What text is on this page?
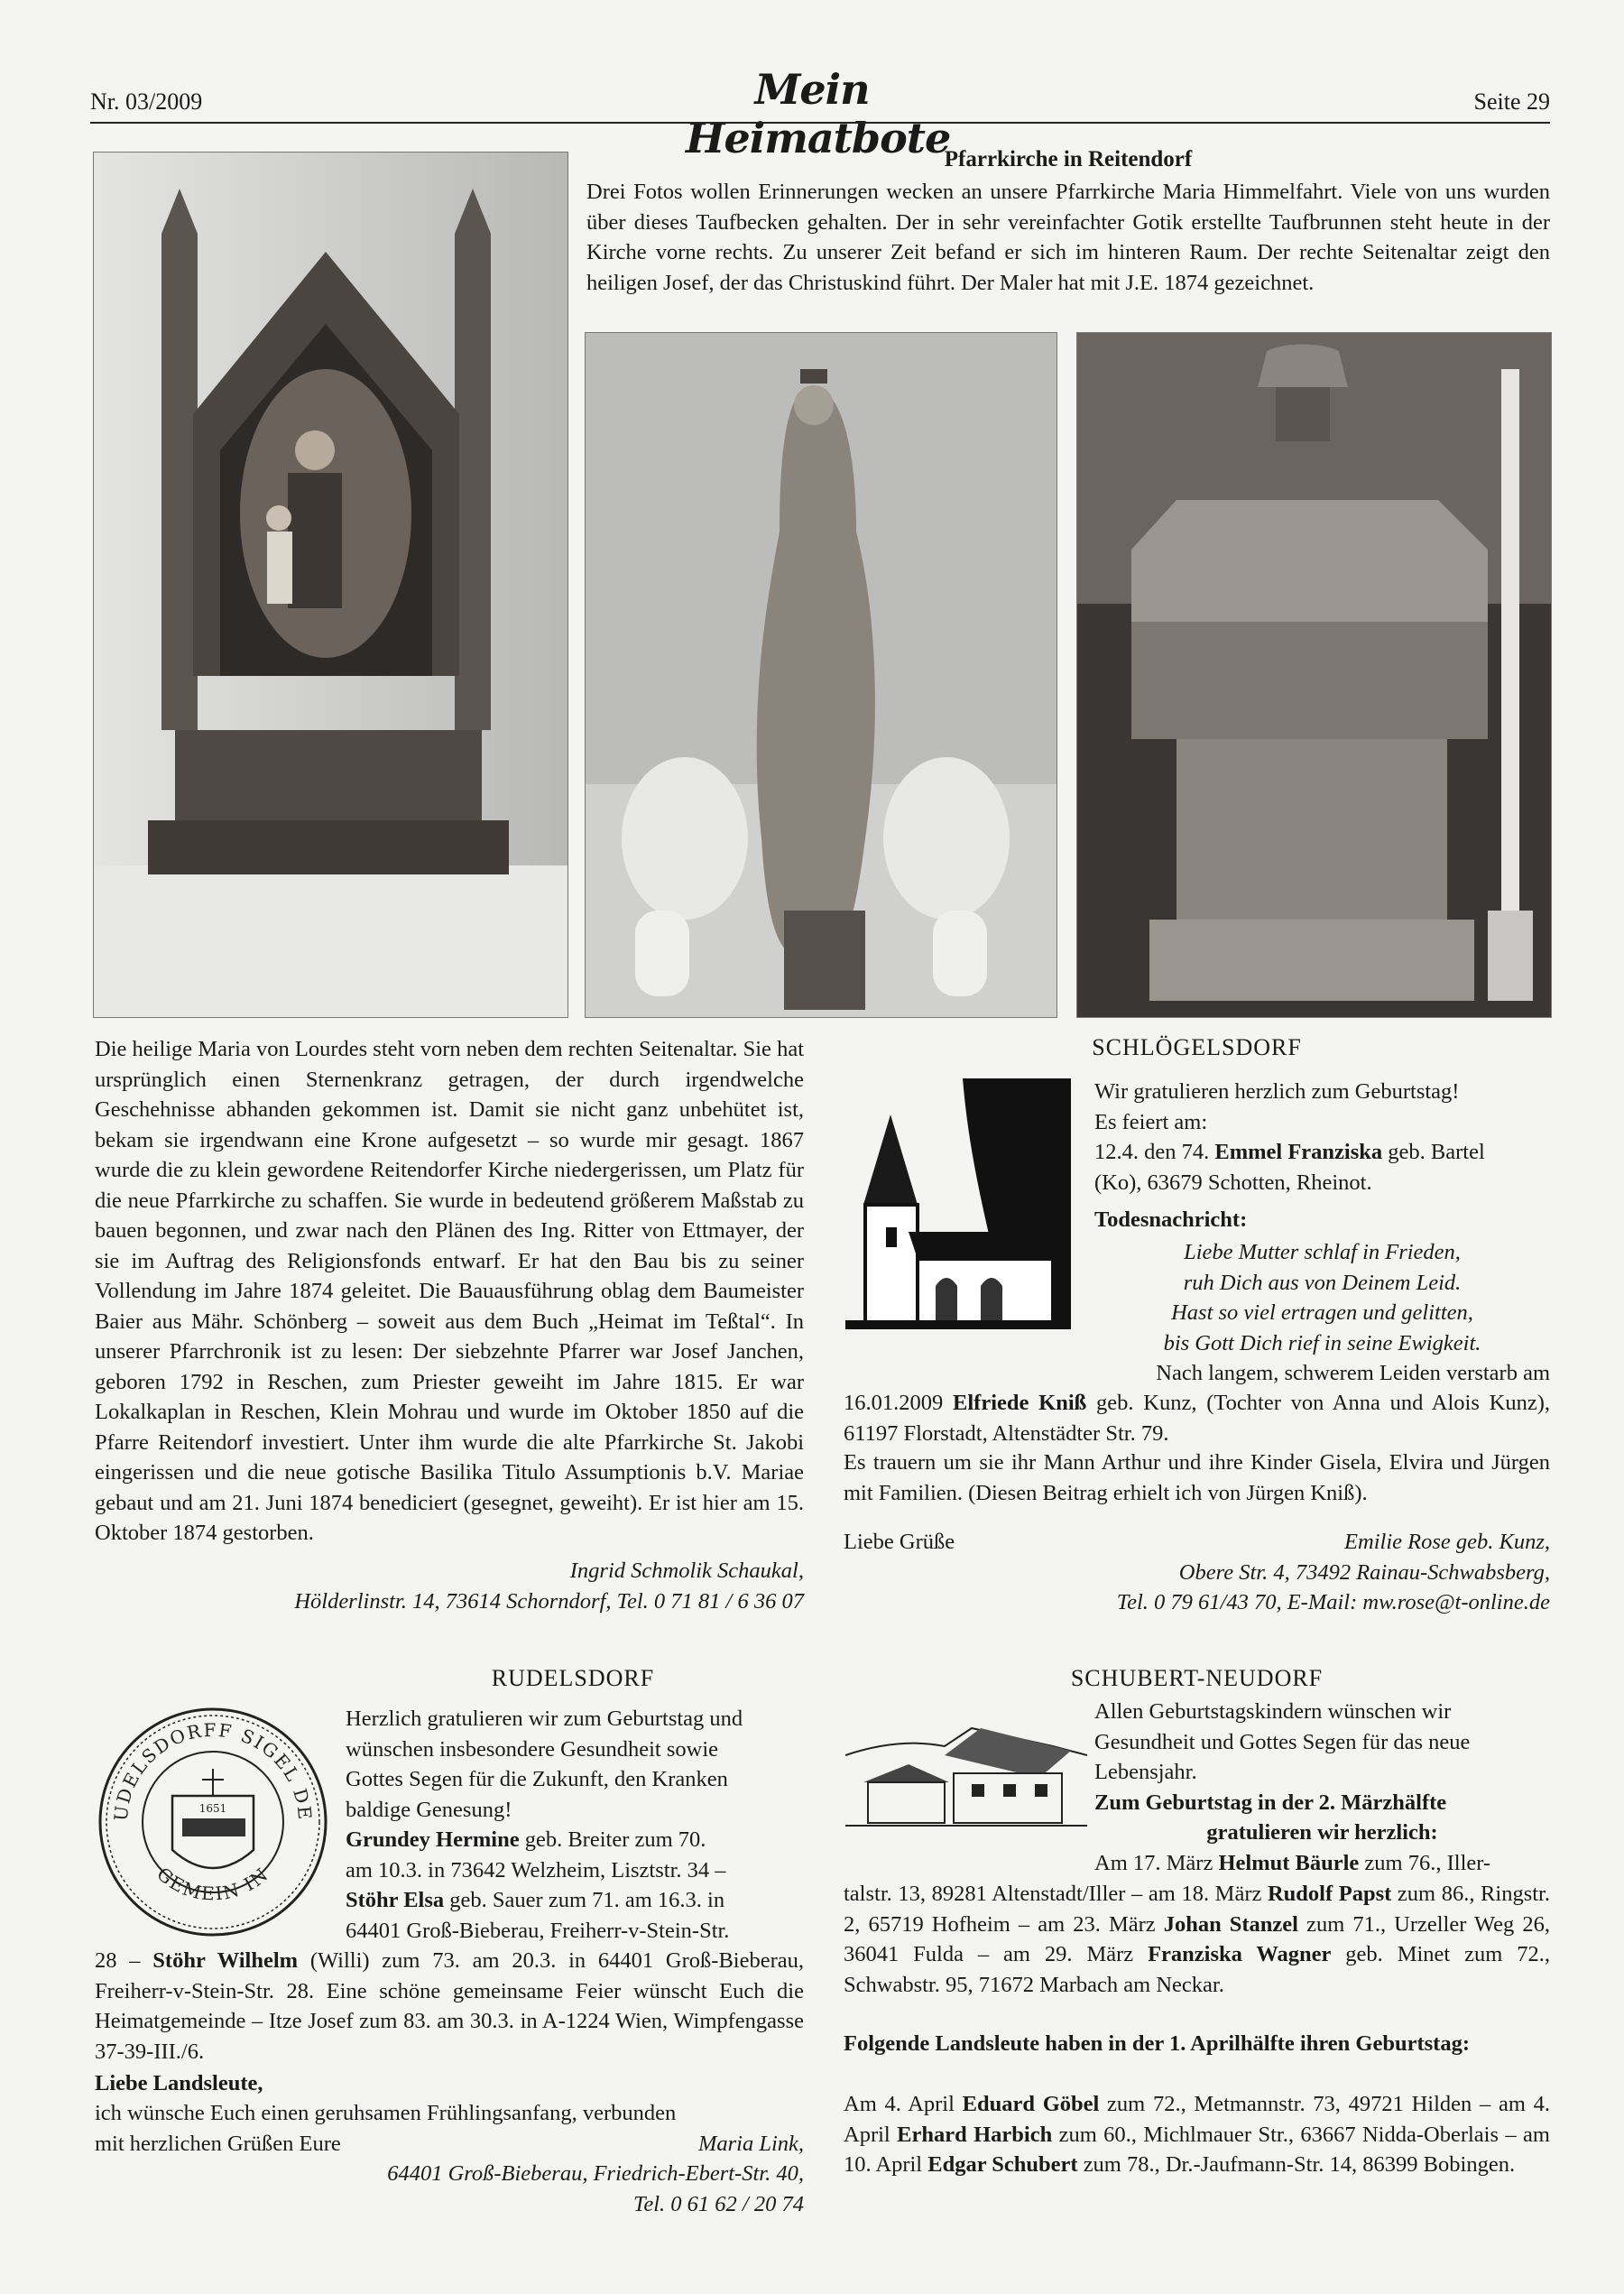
Nr. 03/2009	Mein Heimatbote
Seite 29
Pfarrkirche in Reitendorf
Drei Fotos wollen Erinnerungen wecken an unsere Pfarrkirche Maria Himmelfahrt. Viele von uns wurden über dieses Taufbecken gehalten. Der in sehr vereinfachter Gotik erstellte Taufbrunnen steht heute in der Kirche vorne rechts. Zu unserer Zeit befand er sich im hinteren Raum. Der rechte Seitenaltar zeigt den heiligen Josef, der das Christuskind führt. Der Maler hat mit J.E. 1874 gezeichnet.
Die heilige Maria von Lourdes steht vorn neben dem rechten Seitenaltar. Sie hat ursprünglich einen Sternenkranz getragen, der durch irgendwelche Geschehnisse abhanden gekommen ist. Damit sie nicht ganz unbehütet ist, bekam sie irgendwann eine Krone aufgesetzt – so wurde mir gesagt. 1867 wurde die zu klein gewordene Reitendorfer Kirche niedergerissen, um Platz für die neue Pfarrkirche zu schaffen. Sie wurde in bedeutend größerem Maßstab zu bauen begonnen, und zwar nach den Plänen des Ing. Ritter von Ettmayer, der sie im Auftrag des Religionsfonds entwarf. Er hat den Bau bis zu seiner Vollendung im Jahre 1874 geleitet. Die Bauausführung oblag dem Baumeister Baier aus Mähr. Schönberg – soweit aus dem Buch „Heimat im Teßtal“. In unserer Pfarrchronik ist zu lesen: Der siebzehnte Pfarrer war Josef Janchen, geboren 1792 in Reschen, zum Priester geweiht im Jahre 1815. Er war Lokalkaplan in Reschen, Klein Mohrau und wurde im Oktober 1850 auf die Pfarre Reitendorf investiert. Unter ihm wurde die alte Pfarrkirche St. Jakobi eingerissen und die neue gotische Basilika Titulo Assumptionis b.V. Mariae gebaut und am 21. Juni 1874 benediciert (gesegnet, geweiht). Er ist hier am 15. Oktober 1874 gestorben.
Ingrid Schmolik Schaukal,
Hölderlinstr. 14, 73614 Schorndorf, Tel. 0 71 81 / 6 36 07
SCHLÖGELSDORF
Wir gratulieren herzlich zum Geburtstag!
Es feiert am:
12.4. den 74. Emmel Franziska geb. Bartel
(Ko), 63679 Schotten, Rheinot.
Todesnachricht:
Liebe Mutter schlaf in Frieden,
ruh Dich aus von Deinem Leid.
Hast so viel ertragen und gelitten,
bis Gott Dich rief in seine Ewigkeit.
Nach langem, schwerem Leiden verstarb am
16.01.2009 Elfriede Knіß geb. Kunz, (Tochter von Anna und Alois Kunz), 61197 Florstadt, Altenstädter Str. 79.
Es trauern um sie ihr Mann Arthur und ihre Kinder Gisela, Elvira und Jürgen mit Familien. (Diesen Beitrag erhielt ich von Jürgen Knіß).
Liebe Grüße	Emilie Rose geb. Kunz,
Obere Str. 4, 73492 Rainau-Schwabsberg,
Tel. 0 79 61/43 70, E-Mail: mw.rose@t-online.de
RUDELSDORF
UDELSDORFF SIGEL DE
GEMEIN IN
1651
Herzlich gratulieren wir zum Geburtstag und
wünschen insbesondere Gesundheit sowie
Gottes Segen für die Zukunft, den Kranken
baldige Genesung!
Grundey Hermine geb. Breiter zum 70.
am 10.3. in 73642 Welzheim, Lisztstr. 34 –
Stöhr Elsa geb. Sauer zum 71. am 16.3. in
64401 Groß-Bieberau, Freiherr-v-Stein-Str.
28 – Stöhr Wilhelm (Willi) zum 73. am 20.3. in 64401 Groß-Bieberau, Freiherr-v-Stein-Str. 28. Eine schöne gemeinsame Feier wünscht Euch die Heimatgemeinde – Itze Josef zum 83. am 30.3. in A-1224 Wien, Wimpfengasse 37-39-III./6.
Liebe Landsleute,
ich wünsche Euch einen geruhsamen Frühlingsanfang, verbunden
mit herzlichen Grüßen Eure	Maria Link,
64401 Groß-Bieberau, Friedrich-Ebert-Str. 40,
Tel. 0 61 62 / 20 74
SCHUBERT-NEUDORF
Allen Geburtstagskindern wünschen wir
Gesundheit und Gottes Segen für das neue
Lebensjahr.
Zum Geburtstag in der 2. Märzhälfte
gratulieren wir herzlich:
Am 17. März Helmut Bäurle zum 76., Iller-
talstr. 13, 89281 Altenstadt/Iller – am 18. März Rudolf Papst zum 86., Ringstr. 2, 65719 Hofheim – am 23. März Johan Stanzel zum 71., Urzeller Weg 26, 36041 Fulda – am 29. März Franziska Wagner geb. Minet zum 72., Schwabstr. 95, 71672 Marbach am Neckar.
Folgende Landsleute haben in der 1. Aprilhälfte ihren Geburtstag:
Am 4. April Eduard Göbel zum 72., Metmannstr. 73, 49721 Hilden – am 4. April Erhard Harbich zum 60., Michlmauer Str., 63667 Nidda-Oberlais – am 10. April Edgar Schubert zum 78., Dr.-Jaufmann-Str. 14, 86399 Bobingen.
